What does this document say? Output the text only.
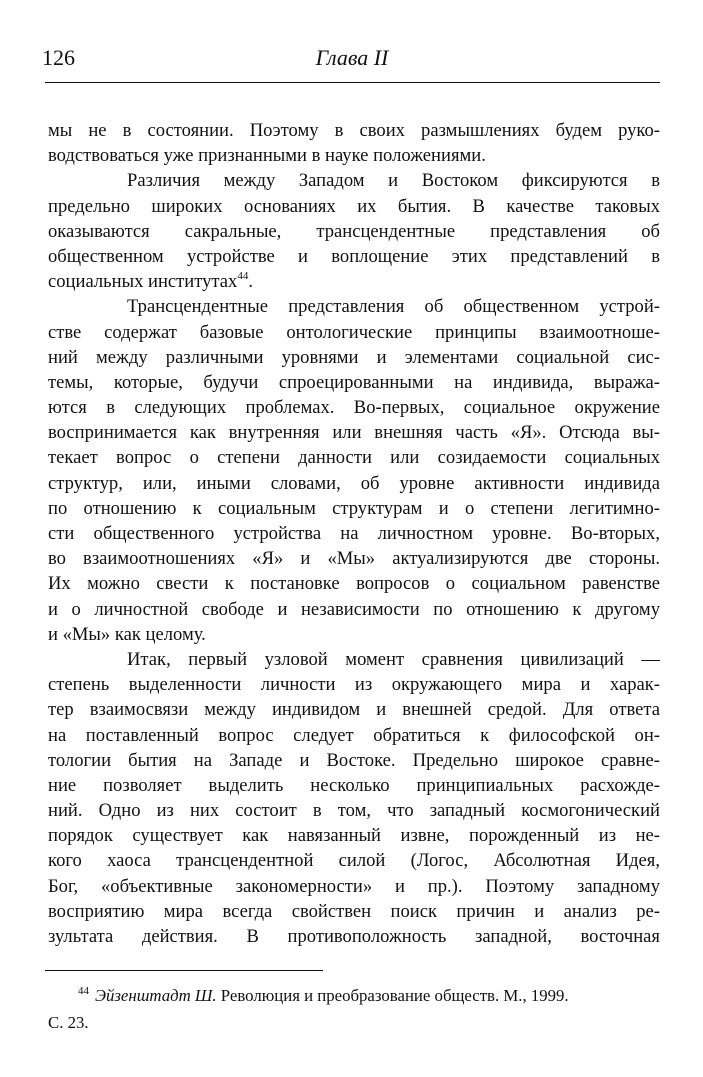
126	Глава II
мы не в состоянии. Поэтому в своих размышлениях будем руко-
водствоваться уже признанными в науке положениями.
Различия между Западом и Востоком фиксируются в
предельно широких основаниях их бытия. В качестве таковых
оказываются сакральные, трансцендентные представления об
общественном устройстве и воплощение этих представлений в
социальных институтах$^{44}$.
Трансцендентные представления об общественном устрой-
стве содержат базовые онтологические принципы взаимоотноше-
ний между различными уровнями и элементами социальной сис-
темы, которые, будучи спроецированными на индивида, выража-
ются в следующих проблемах. Во-первых, социальное окружение
воспринимается как внутренняя или внешняя часть «Я». Отсюда вы-
текает вопрос о степени данности или созидаемости социальных
структур, или, иными словами, об уровне активности индивида
по отношению к социальным структурам и о степени легитимно-
сти общественного устройства на личностном уровне. Во-вторых,
во взаимоотношениях «Я» и «Мы» актуализируются две стороны.
Их можно свести к постановке вопросов о социальном равенстве
и о личностной свободе и независимости по отношению к другому
и «Мы» как целому.
Итак, первый узловой момент сравнения цивилизаций —
степень выделенности личности из окружающего мира и харак-
тер взаимосвязи между индивидом и внешней средой. Для ответа
на поставленный вопрос следует обратиться к философской он-
тологии бытия на Западе и Востоке. Предельно широкое сравне-
ние позволяет выделить несколько принципиальных расхожде-
ний. Одно из них состоит в том, что западный космогонический
порядок существует как навязанный извне, порожденный из не-
кого хаоса трансцендентной силой (Логос, Абсолютная Идея,
Бог, «объективные закономерности» и пр.). Поэтому западному
восприятию мира всегда свойствен поиск причин и анализ ре-
зультата действия. В противоположность западной, восточная
$^{44}$ Эйзенштадт Ш. Революция и преобразование обществ. М., 1999.
С. 23.
